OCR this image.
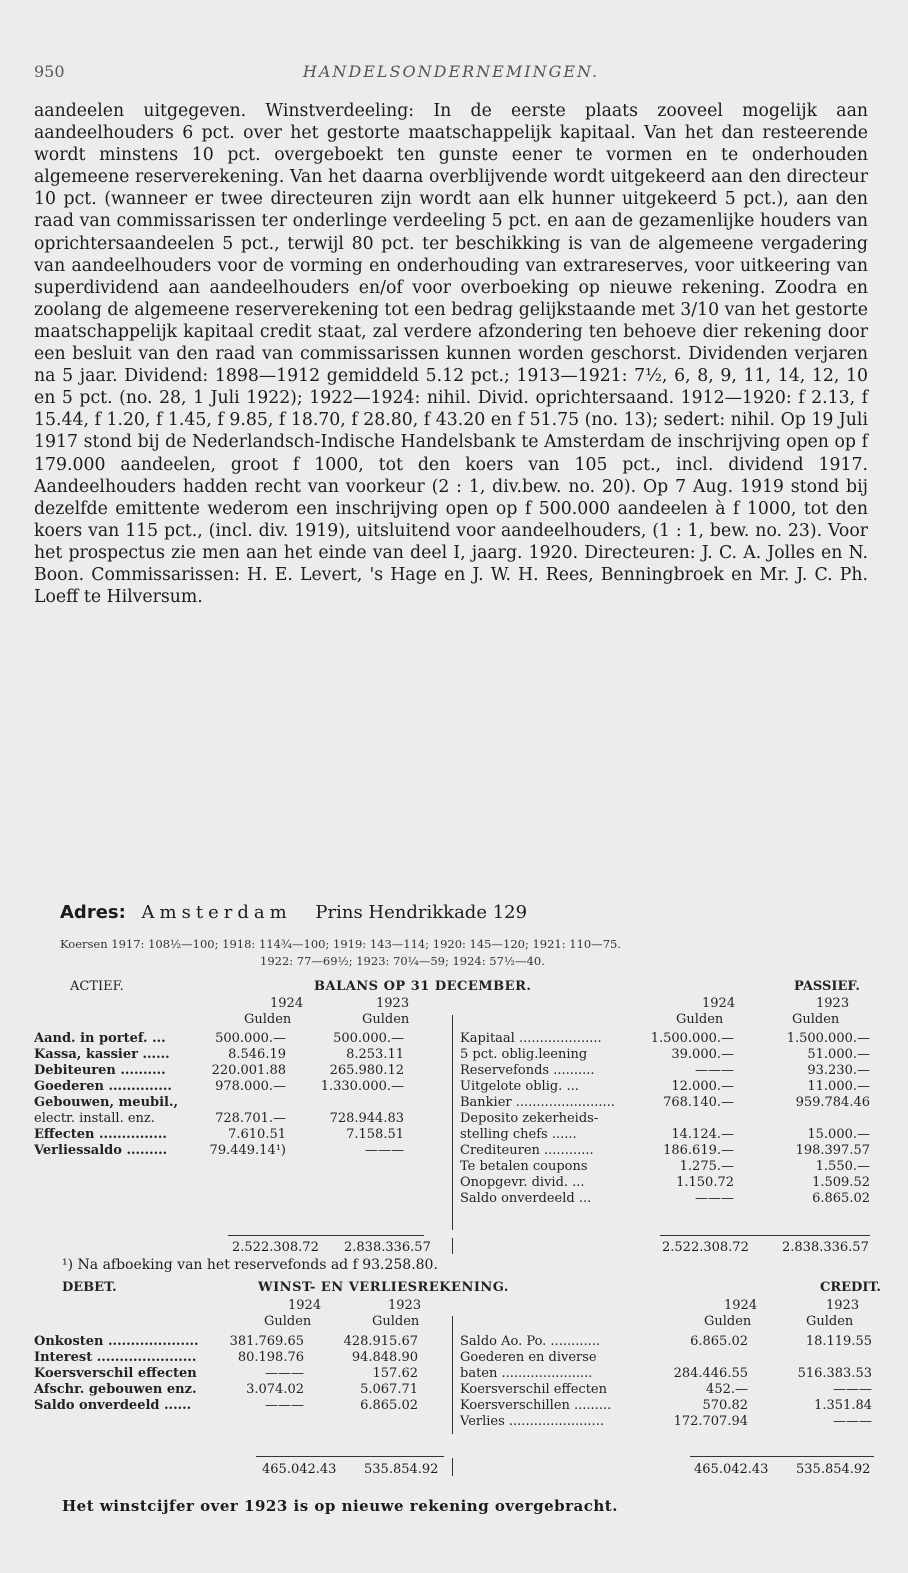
950	HANDELSONDERNEMINGEN.

aandeelen uitgegeven. Winstverdeeling: In de eerste plaats zooveel mogelijk aan aandeelhouders 6 pct. over het gestorte maatschappelijk kapitaal. Van het dan resteerende wordt minstens 10 pct. overgeboekt ten gunste eener te vormen en te onderhouden algemeene reserverekening. Van het daarna overblijvende wordt uitgekeerd aan den directeur 10 pct. (wanneer er twee directeuren zijn wordt aan elk hunner uitgekeerd 5 pct.), aan den raad van commissarissen ter onderlinge verdeeling 5 pct. en aan de gezamenlijke houders van oprichtersaandeelen 5 pct., terwijl 80 pct. ter beschikking is van de algemeene vergadering van aandeelhouders voor de vorming en onderhouding van extrareserves, voor uitkeering van superdividend aan aandeelhouders en/of voor overboeking op nieuwe rekening. Zoodra en zoolang de algemeene reserverekening tot een bedrag gelijkstaande met 3/10 van het gestorte maatschappelijk kapitaal credit staat, zal verdere afzondering ten behoeve dier rekening door een besluit van den raad van commissarissen kunnen worden geschorst. Dividenden verjaren na 5 jaar. Dividend: 1898—1912 gemiddeld 5.12 pct.; 1913—1921: 7½, 6, 8, 9, 11, 14, 12, 10 en 5 pct. (no. 28, 1 Juli 1922); 1922—1924: nihil. Divid. oprichtersaand. 1912—1920: f 2.13, f 15.44, f 1.20, f 1.45, f 9.85, f 18.70, f 28.80, f 43.20 en f 51.75 (no. 13); sedert: nihil. Op 19 Juli 1917 stond bij de Nederlandsch-Indische Handelsbank te Amsterdam de inschrijving open op f 179.000 aandeelen, groot f 1000, tot den koers van 105 pct., incl. dividend 1917. Aandeelhouders hadden recht van voorkeur (2 : 1, div.bew. no. 20). Op 7 Aug. 1919 stond bij dezelfde emittente wederom een inschrijving open op f 500.000 aandeelen à f 1000, tot den koers van 115 pct., (incl. div. 1919), uitsluitend voor aandeelhouders, (1 : 1, bew. no. 23). Voor het prospectus zie men aan het einde van deel I, jaarg. 1920. Directeuren: J. C. A. Jolles en N. Boon. Commissarissen: H. E. Levert, 's Hage en J. W. H. Rees, Benningbroek en Mr. J. C. Ph. Loeff te Hilversum.

Adres: Amsterdam Prins Hendrikkade 129
Koersen 1917: 108½—100; 1918: 114¾—100; 1919: 143—114; 1920: 145—120; 1921: 110—75.
1922: 77—69½; 1923: 70¼—59; 1924: 57½—40.
ACTIEF.	BALANS OP 31 DECEMBER.	PASSIEF.
1924	1923
Gulden	Gulden
1924	1923
Gulden	Gulden
Aand. in portef. ...	500.000.—	500.000.—
Kassa, kassier ......	8.546.19	8.253.11
Debiteuren ..........	220.001.88	265.980.12
Goederen ..............	978.000.—	1.330.000.—
Gebouwen, meubil.,
electr. install. enz.	728.701.—	728.944.83
Effecten ...............	7.610.51	7.158.51
Verliessaldo .........	79.449.14¹)	———
Kapitaal ....................	1.500.000.—	1.500.000.—
5 pct. oblig.leening	39.000.—	51.000.—
Reservefonds ..........	———	93.230.—
Uitgelote oblig. ...	12.000.—	11.000.—
Bankier ........................	768.140.—	959.784.46
Deposito zekerheids-
stelling chefs ......	14.124.—	15.000.—
Crediteuren ............	186.619.—	198.397.57
Te betalen coupons	1.275.—	1.550.—
Onopgevr. divid. ...	1.150.72	1.509.52
Saldo onverdeeld ...	———	6.865.02
2.522.308.72 2.838.336.57	2.522.308.72	2.838.336.57
¹) Na afboeking van het reservefonds ad f 93.258.80.
DEBET.	WINST- EN VERLIESREKENING.	CREDIT.
1924	1923
Gulden	Gulden
1924	1923
Gulden	Gulden
Onkosten .................... 381.769.65	428.915.67
Interest ......................	80.198.76	94.848.90
Koersverschil effecten	———	157.62
Afschr. gebouwen enz.	3.074.02	5.067.71
Saldo onverdeeld ......	———	6.865.02
Saldo Ao. Po. ............	6.865.02	18.119.55
Goederen en diverse
baten ......................	284.446.55	516.383.53
Koersverschil effecten	452.—	———
Koersverschillen .........	570.82	1.351.84
Verlies .......................	172.707.94	———
465.042.43 535.854.92	465.042.43 535.854.92
Het winstcijfer over 1923 is op nieuwe rekening overgebracht.
